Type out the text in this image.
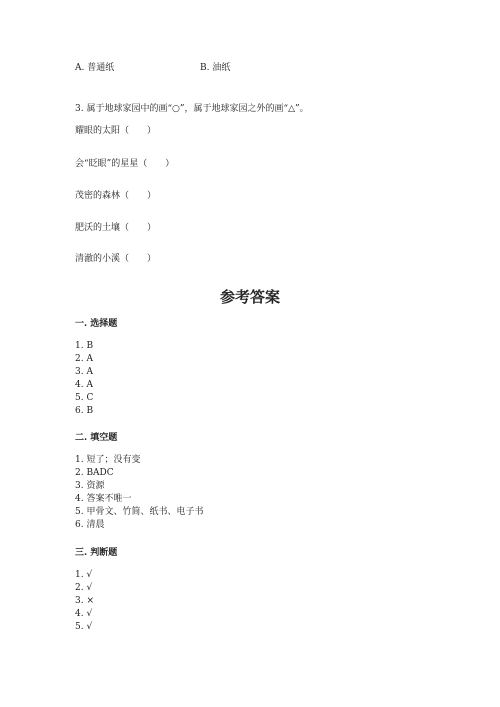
A. 普通纸	B. 油纸
3. 属于地球家园中的画“○”，属于地球家园之外的画“△”。
耀眼的太阳（　　）
会“眨眼”的星星（　　）
茂密的森林（　　）
肥沃的土壤（　　）
清澈的小溪（　　）
参考答案
一. 选择题
1. B
2. A
3. A
4. A
5. C
6. B
二. 填空题
1. 短了；没有变
2. BADC
3. 资源
4. 答案不唯一
5. 甲骨文、竹简、纸书、电子书
6. 清晨
三. 判断题
1. √
2. √
3. ×
4. √
5. √
